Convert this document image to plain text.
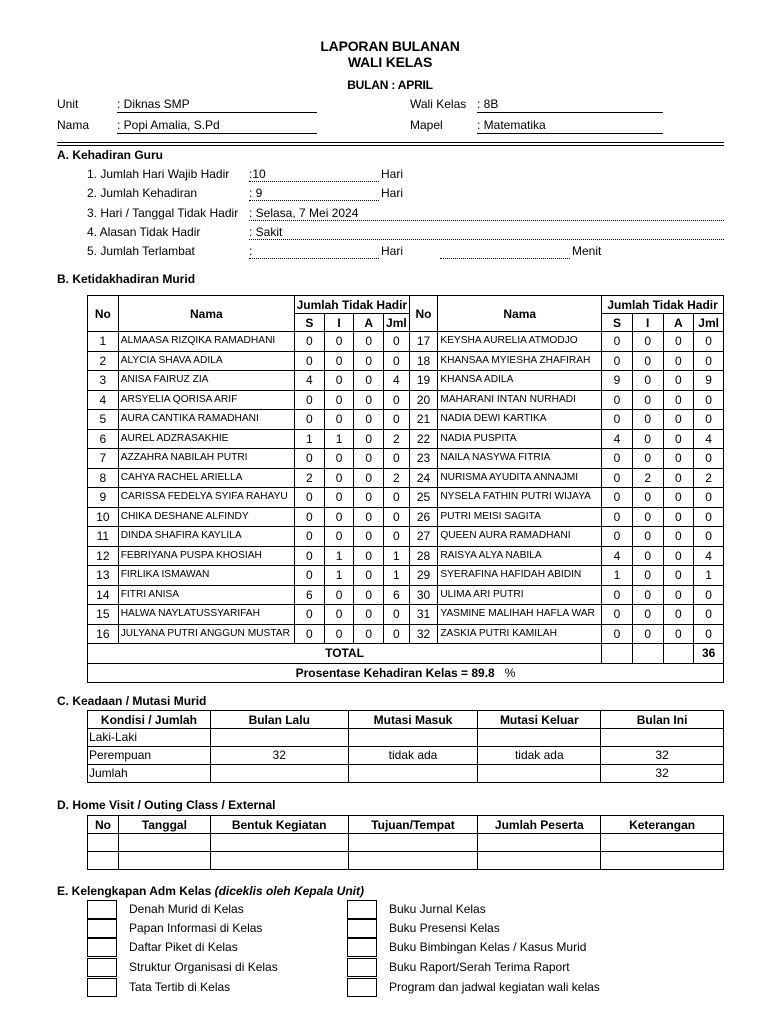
LAPORAN BULANAN
WALI KELAS
BULAN : APRIL
Unit	: Diknas SMP
Nama : Popi Amalia, S.Pd
Wali Kelas : 8B
Mapel	: Matematika
A. Kehadiran Guru
1. Jumlah Hari Wajib Hadir :10	Hari
2. Jumlah Kehadiran	: 9	Hari
3. Hari / Tanggal Tidak Hadir : Selasa, 7 Mei 2024
4. Alasan Tidak Hadir	: Sakit
5. Jumlah Terlambat	:	Hari	Menit
B. Ketidakhadiran Murid
No	Nama	Jumlah Tidak Hadir				No	Nama	Jumlah Tidak Hadir			
		S	I	A	Jml			S	I	A	Jml
1	ALMAASA RIZQIKA RAMADHANI	0	0	0	0	17	KEYSHA AURELIA ATMODJO	0	0	0	0
2	ALYCIA SHAVA ADILA	0	0	0	0	18	KHANSAA MYIESHA ZHAFIRAH	0	0	0	0
3	ANISA FAIRUZ ZIA	4	0	0	4	19	KHANSA ADILA	9	0	0	9
4	ARSYELIA QORISA ARIF	0	0	0	0	20	MAHARANI INTAN NURHADI	0	0	0	0
5	AURA CANTIKA RAMADHANI	0	0	0	0	21	NADIA DEWI KARTIKA	0	0	0	0
6	AUREL ADZRASAKHIE	1	1	0	2	22	NADIA PUSPITA	4	0	0	4
7	AZZAHRA NABILAH PUTRI	0	0	0	0	23	NAILA NASYWA FITRIA	0	0	0	0
8	CAHYA RACHEL ARIELLA	2	0	0	2	24	NURISMA AYUDITA ANNAJMI	0	2	0	2
9	CARISSA FEDELYA SYIFA RAHAYU	0	0	0	0	25	NYSELA FATHIN PUTRI WIJAYA	0	0	0	0
10	CHIKA DESHANE ALFINDY	0	0	0	0	26	PUTRI MEISI SAGITA	0	0	0	0
11	DINDA SHAFIRA KAYLILA	0	0	0	0	27	QUEEN AURA RAMADHANI	0	0	0	0
12	FEBRIYANA PUSPA KHOSIAH	0	1	0	1	28	RAISYA ALYA NABILA	4	0	0	4
13	FIRLIKA ISMAWAN	0	1	0	1	29	SYERAFINA HAFIDAH ABIDIN	1	0	0	1
14	FITRI ANISA	6	0	0	6	30	ULIMA ARI PUTRI	0	0	0	0
15	HALWA NAYLATUSSYARIFAH	0	0	0	0	31	YASMINE MALIHAH HAFLA WAR	0	0	0	0
16	JULYANA PUTRI ANGGUN MUSTAR	0	0	0	0	32	ZASKIA PUTRI KAMILAH	0	0	0	0
TOTAL											36
Prosentase Kehadiran Kelas = 89.8 %											
C. Keadaan / Mutasi Murid
Kondisi / Jumlah	Bulan Lalu	Mutasi Masuk	Mutasi Keluar	Bulan Ini
Laki-Laki				
Perempuan	32	tidak ada	tidak ada	32
Jumlah				32
D. Home Visit / Outing Class / External
No	Tanggal	Bentuk Kegiatan	Tujuan/Tempat	Jumlah Peserta	Keterangan

E. Kelengkapan Adm Kelas (diceklis oleh Kepala Unit)
Denah Murid di Kelas
Papan Informasi di Kelas
Daftar Piket di Kelas
Struktur Organisasi di Kelas
Tata Tertib di Kelas
Buku Jurnal Kelas
Buku Presensi Kelas
Buku Bimbingan Kelas / Kasus Murid
Buku Raport/Serah Terima Raport
Program dan jadwal kegiatan wali kelas
